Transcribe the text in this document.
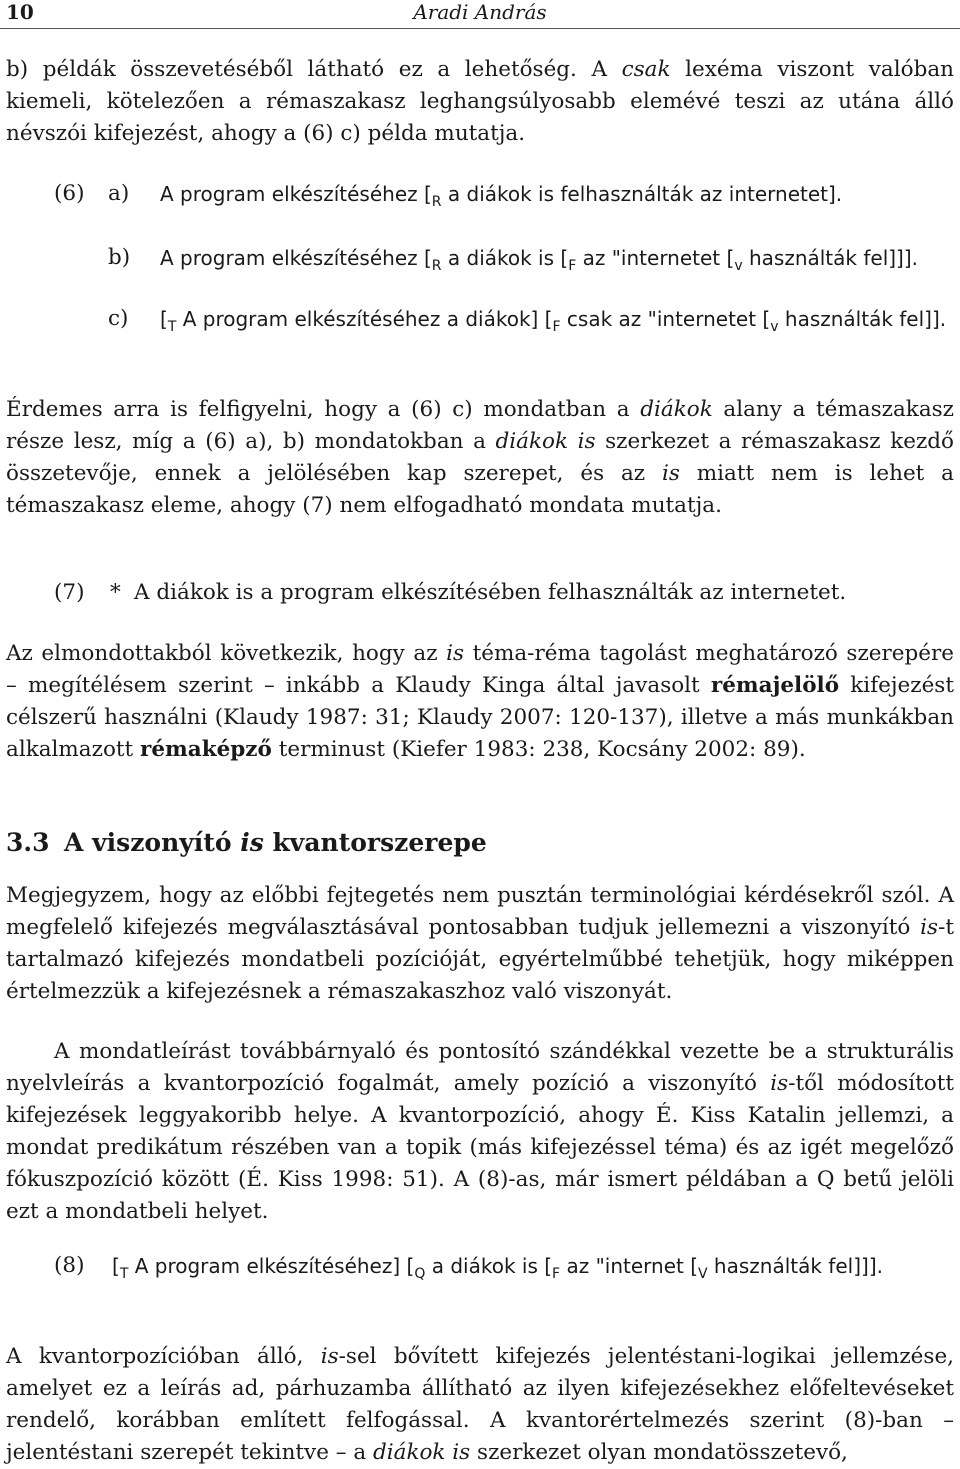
10	Aradi András

b) példák összevetéséből látható ez a lehetőség. A csak lexéma viszont valóban kiemeli, kötelezően a rémaszakasz leghangsúlyosabb elemévé teszi az utána álló névszói kifejezést, ahogy a (6) c) példa mutatja.

(6) a) A program elkészítéséhez [$_R$ a diákok is felhasználták az internetet].
b) A program elkészítéséhez [$_R$ a diákok is [$_F$ az "internetet [$_v$ használták fel]]].
c) [$_T$ A program elkészítéséhez a diákok] [$_F$ csak az "internetet [$_v$ használták fel]].

Érdemes arra is felfigyelni, hogy a (6) c) mondatban a diákok alany a témaszakasz része lesz, míg a (6) a), b) mondatokban a diákok is szerkezet a rémaszakasz kezdő összetevője, ennek a jelölésében kap szerepet, és az is miatt nem is lehet a témaszakasz eleme, ahogy (7) nem elfogadható mondata mutatja.

(7) * A diákok is a program elkészítésében felhasználták az internetet.

Az elmondottakból következik, hogy az is téma-réma tagolást meghatározó szerepére – megítélésem szerint – inkább a Klaudy Kinga által javasolt rémajelölő kifejezést célszerű használni (Klaudy 1987: 31; Klaudy 2007: 120-137), illetve a más munkákban alkalmazott rémaképző terminust (Kiefer 1983: 238, Kocsány 2002: 89).

3.3 A viszonyító is kvantorszerepe

Megjegyzem, hogy az előbbi fejtegetés nem pusztán terminológiai kérdésekről szól. A megfelelő kifejezés megválasztásával pontosabban tudjuk jellemezni a viszonyító is-t tartalmazó kifejezés mondatbeli pozícióját, egyértelműbbé tehetjük, hogy miképpen értelmezzük a kifejezésnek a rémaszakaszhoz való viszonyát.

A mondatleírást továbbárnyaló és pontosító szándékkal vezette be a strukturális nyelvleírás a kvantorpozíció fogalmát, amely pozíció a viszonyító is-től módosított kifejezések leggyakoribb helye. A kvantorpozíció, ahogy É. Kiss Katalin jellemzi, a mondat predikátum részében van a topik (más kifejezéssel téma) és az igét megelőző fókuszpozíció között (É. Kiss 1998: 51). A (8)-as, már ismert példában a Q betű jelöli ezt a mondatbeli helyet.

(8) [$_T$ A program elkészítéséhez] [$_Q$ a diákok is [$_F$ az "internet [$_V$ használták fel]]].

A kvantorpozícióban álló, is-sel bővített kifejezés jelentéstani-logikai jellemzése, amelyet ez a leírás ad, párhuzamba állítható az ilyen kifejezésekhez előfeltevéseket rendelő, korábban említett felfogással. A kvantorértelmezés szerint (8)-ban – jelentéstani szerepét tekintve – a diákok is szerkezet olyan mondatösszetevő,
